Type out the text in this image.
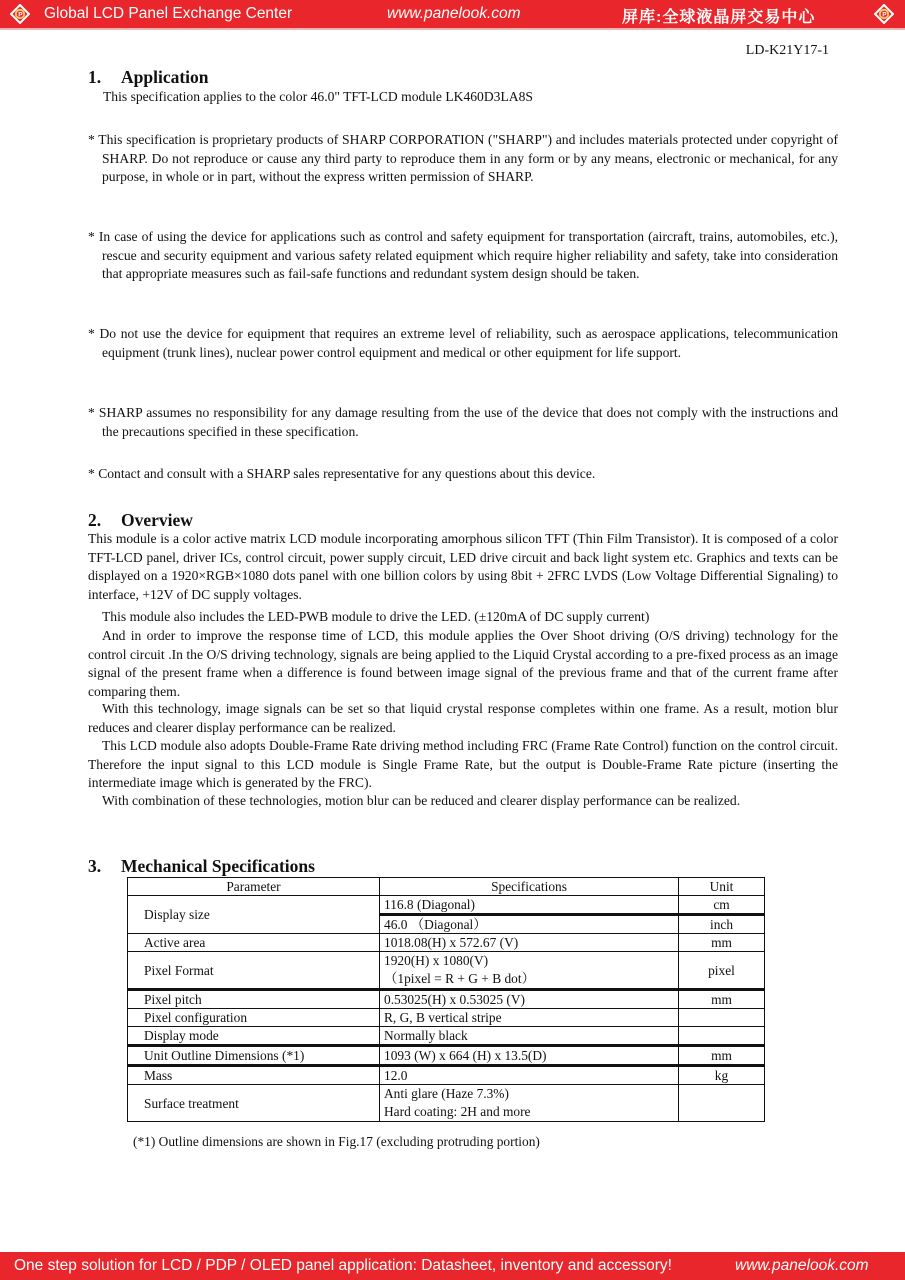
P Global LCD Panel Exchange Center	www.panelook.com	屏库:全球液晶屏交易中心	P
LD-K21Y17-1
1. Application

This specification applies to the color 46.0" TFT-LCD module LK460D3LA8S

* This specification is proprietary products of SHARP CORPORATION ("SHARP") and includes materials protected under copyright of SHARP. Do not reproduce or cause any third party to reproduce them in any form or by any means, electronic or mechanical, for any purpose, in whole or in part, without the express written permission of SHARP.

* In case of using the device for applications such as control and safety equipment for transportation (aircraft, trains, automobiles, etc.), rescue and security equipment and various safety related equipment which require higher reliability and safety, take into consideration that appropriate measures such as fail-safe functions and redundant system design should be taken.

* Do not use the device for equipment that requires an extreme level of reliability, such as aerospace applications, telecommunication equipment (trunk lines), nuclear power control equipment and medical or other equipment for life support.

* SHARP assumes no responsibility for any damage resulting from the use of the device that does not comply with the instructions and the precautions specified in these specification.

* Contact and consult with a SHARP sales representative for any questions about this device.

2. Overview

This module is a color active matrix LCD module incorporating amorphous silicon TFT (Thin Film Transistor). It is composed of a color TFT-LCD panel, driver ICs, control circuit, power supply circuit, LED drive circuit and back light system etc. Graphics and texts can be displayed on a 1920×RGB×1080 dots panel with one billion colors by using 8bit + 2FRC LVDS (Low Voltage Differential Signaling) to interface, +12V of DC supply voltages.

This module also includes the LED-PWB module to drive the LED. (±120mA of DC supply current)

And in order to improve the response time of LCD, this module applies the Over Shoot driving (O/S driving) technology for the control circuit .In the O/S driving technology, signals are being applied to the Liquid Crystal according to a pre-fixed process as an image signal of the present frame when a difference is found between image signal of the previous frame and that of the current frame after comparing them.

With this technology, image signals can be set so that liquid crystal response completes within one frame. As a result, motion blur reduces and clearer display performance can be realized.

This LCD module also adopts Double-Frame Rate driving method including FRC (Frame Rate Control) function on the control circuit. Therefore the input signal to this LCD module is Single Frame Rate, but the output is Double-Frame Rate picture (inserting the intermediate image which is generated by the FRC).

With combination of these technologies, motion blur can be reduced and clearer display performance can be realized.

3. Mechanical Specifications
Parameter	Specifications	Unit
Display size	116.8 (Diagonal)	cm
	46.0 （Diagonal）	inch
Active area	1018.08(H) x 572.67 (V)	mm
Pixel Format	1920(H) x 1080(V)
（1pixel = R + G + B dot）	pixel
Pixel pitch	0.53025(H) x 0.53025 (V)	mm
Pixel configuration	R, G, B vertical stripe	
Display mode	Normally black	
Unit Outline Dimensions (*1)	1093 (W) x 664 (H) x 13.5(D)	mm
Mass	12.0	kg
Surface treatment	Anti glare (Haze 7.3%)
Hard coating: 2H and more	

(*1) Outline dimensions are shown in Fig.17 (excluding protruding portion)
One step solution for LCD / PDP / OLED panel application: Datasheet, inventory and accessory!	www.panelook.com
